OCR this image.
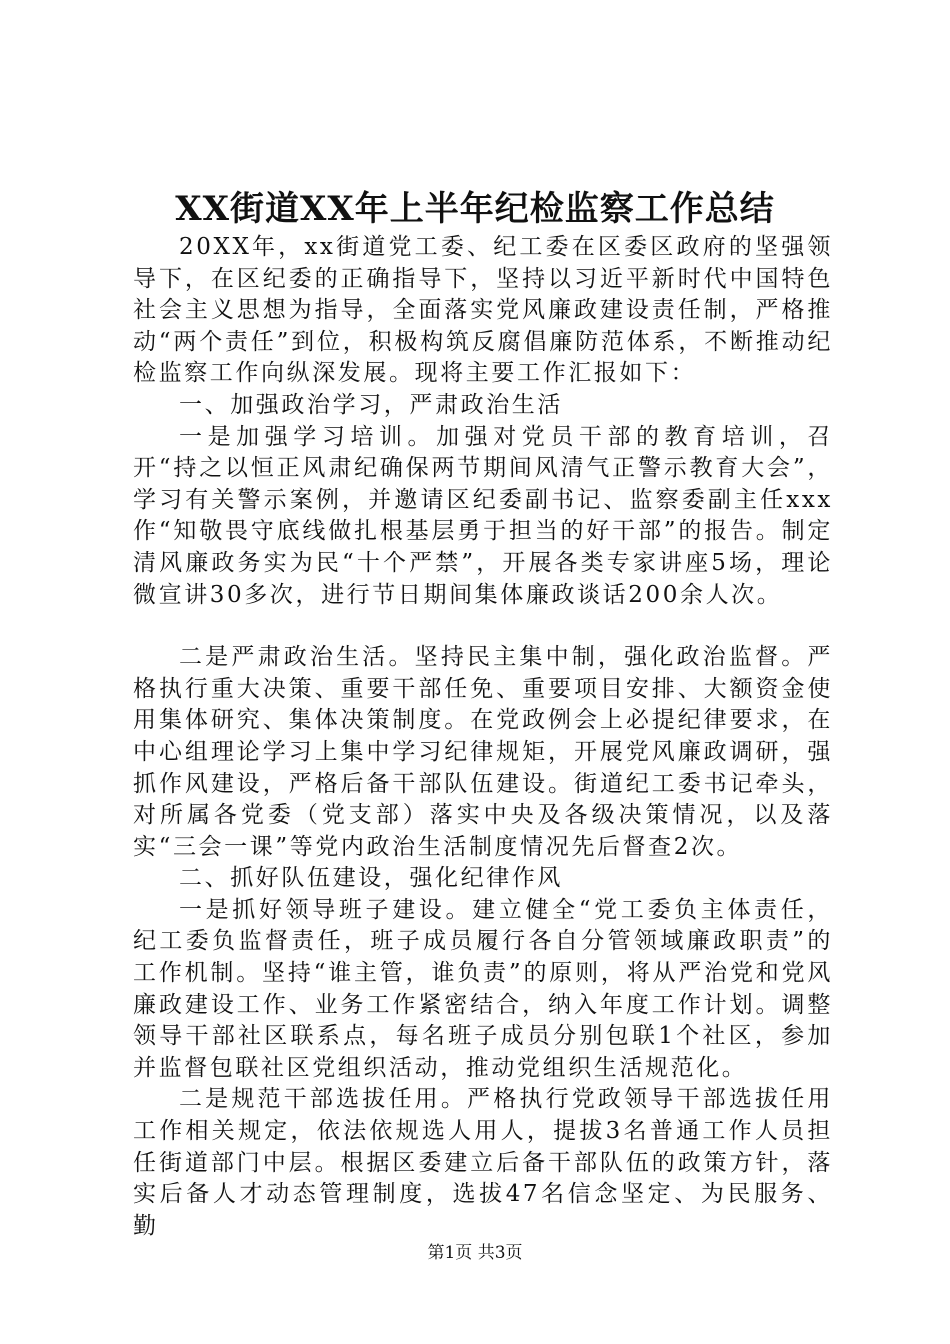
XX街道XX年上半年纪检监察工作总结

20XX年，xx街道党工委、纪工委在区委区政府的坚强领导下，在区纪委的正确指导下，坚持以习近平新时代中国特色社会主义思想为指导，全面落实党风廉政建设责任制，严格推动“两个责任”到位，积极构筑反腐倡廉防范体系，不断推动纪检监察工作向纵深发展。现将主要工作汇报如下：

一、加强政治学习，严肃政治生活

一是加强学习培训。加强对党员干部的教育培训，召开“持之以恒正风肃纪确保两节期间风清气正警示教育大会”，学习有关警示案例，并邀请区纪委副书记、监察委副主任xxx作“知敬畏守底线做扎根基层勇于担当的好干部”的报告。制定清风廉政务实为民“十个严禁”，开展各类专家讲座5场，理论微宣讲30多次，进行节日期间集体廉政谈话200余人次。

二是严肃政治生活。坚持民主集中制，强化政治监督。严格执行重大决策、重要干部任免、重要项目安排、大额资金使用集体研究、集体决策制度。在党政例会上必提纪律要求，在中心组理论学习上集中学习纪律规矩，开展党风廉政调研，强抓作风建设，严格后备干部队伍建设。街道纪工委书记牵头，对所属各党委（党支部）落实中央及各级决策情况，以及落实“三会一课”等党内政治生活制度情况先后督查2次。

二、抓好队伍建设，强化纪律作风

一是抓好领导班子建设。建立健全“党工委负主体责任，纪工委负监督责任，班子成员履行各自分管领域廉政职责”的工作机制。坚持“谁主管，谁负责”的原则，将从严治党和党风廉政建设工作、业务工作紧密结合，纳入年度工作计划。调整领导干部社区联系点，每名班子成员分别包联1个社区，参加并监督包联社区党组织活动，推动党组织生活规范化。

二是规范干部选拔任用。严格执行党政领导干部选拔任用工作相关规定，依法依规选人用人，提拔3名普通工作人员担任街道部门中层。根据区委建立后备干部队伍的政策方针，落实后备人才动态管理制度，选拔47名信念坚定、为民服务、勤

第1页 共3页
